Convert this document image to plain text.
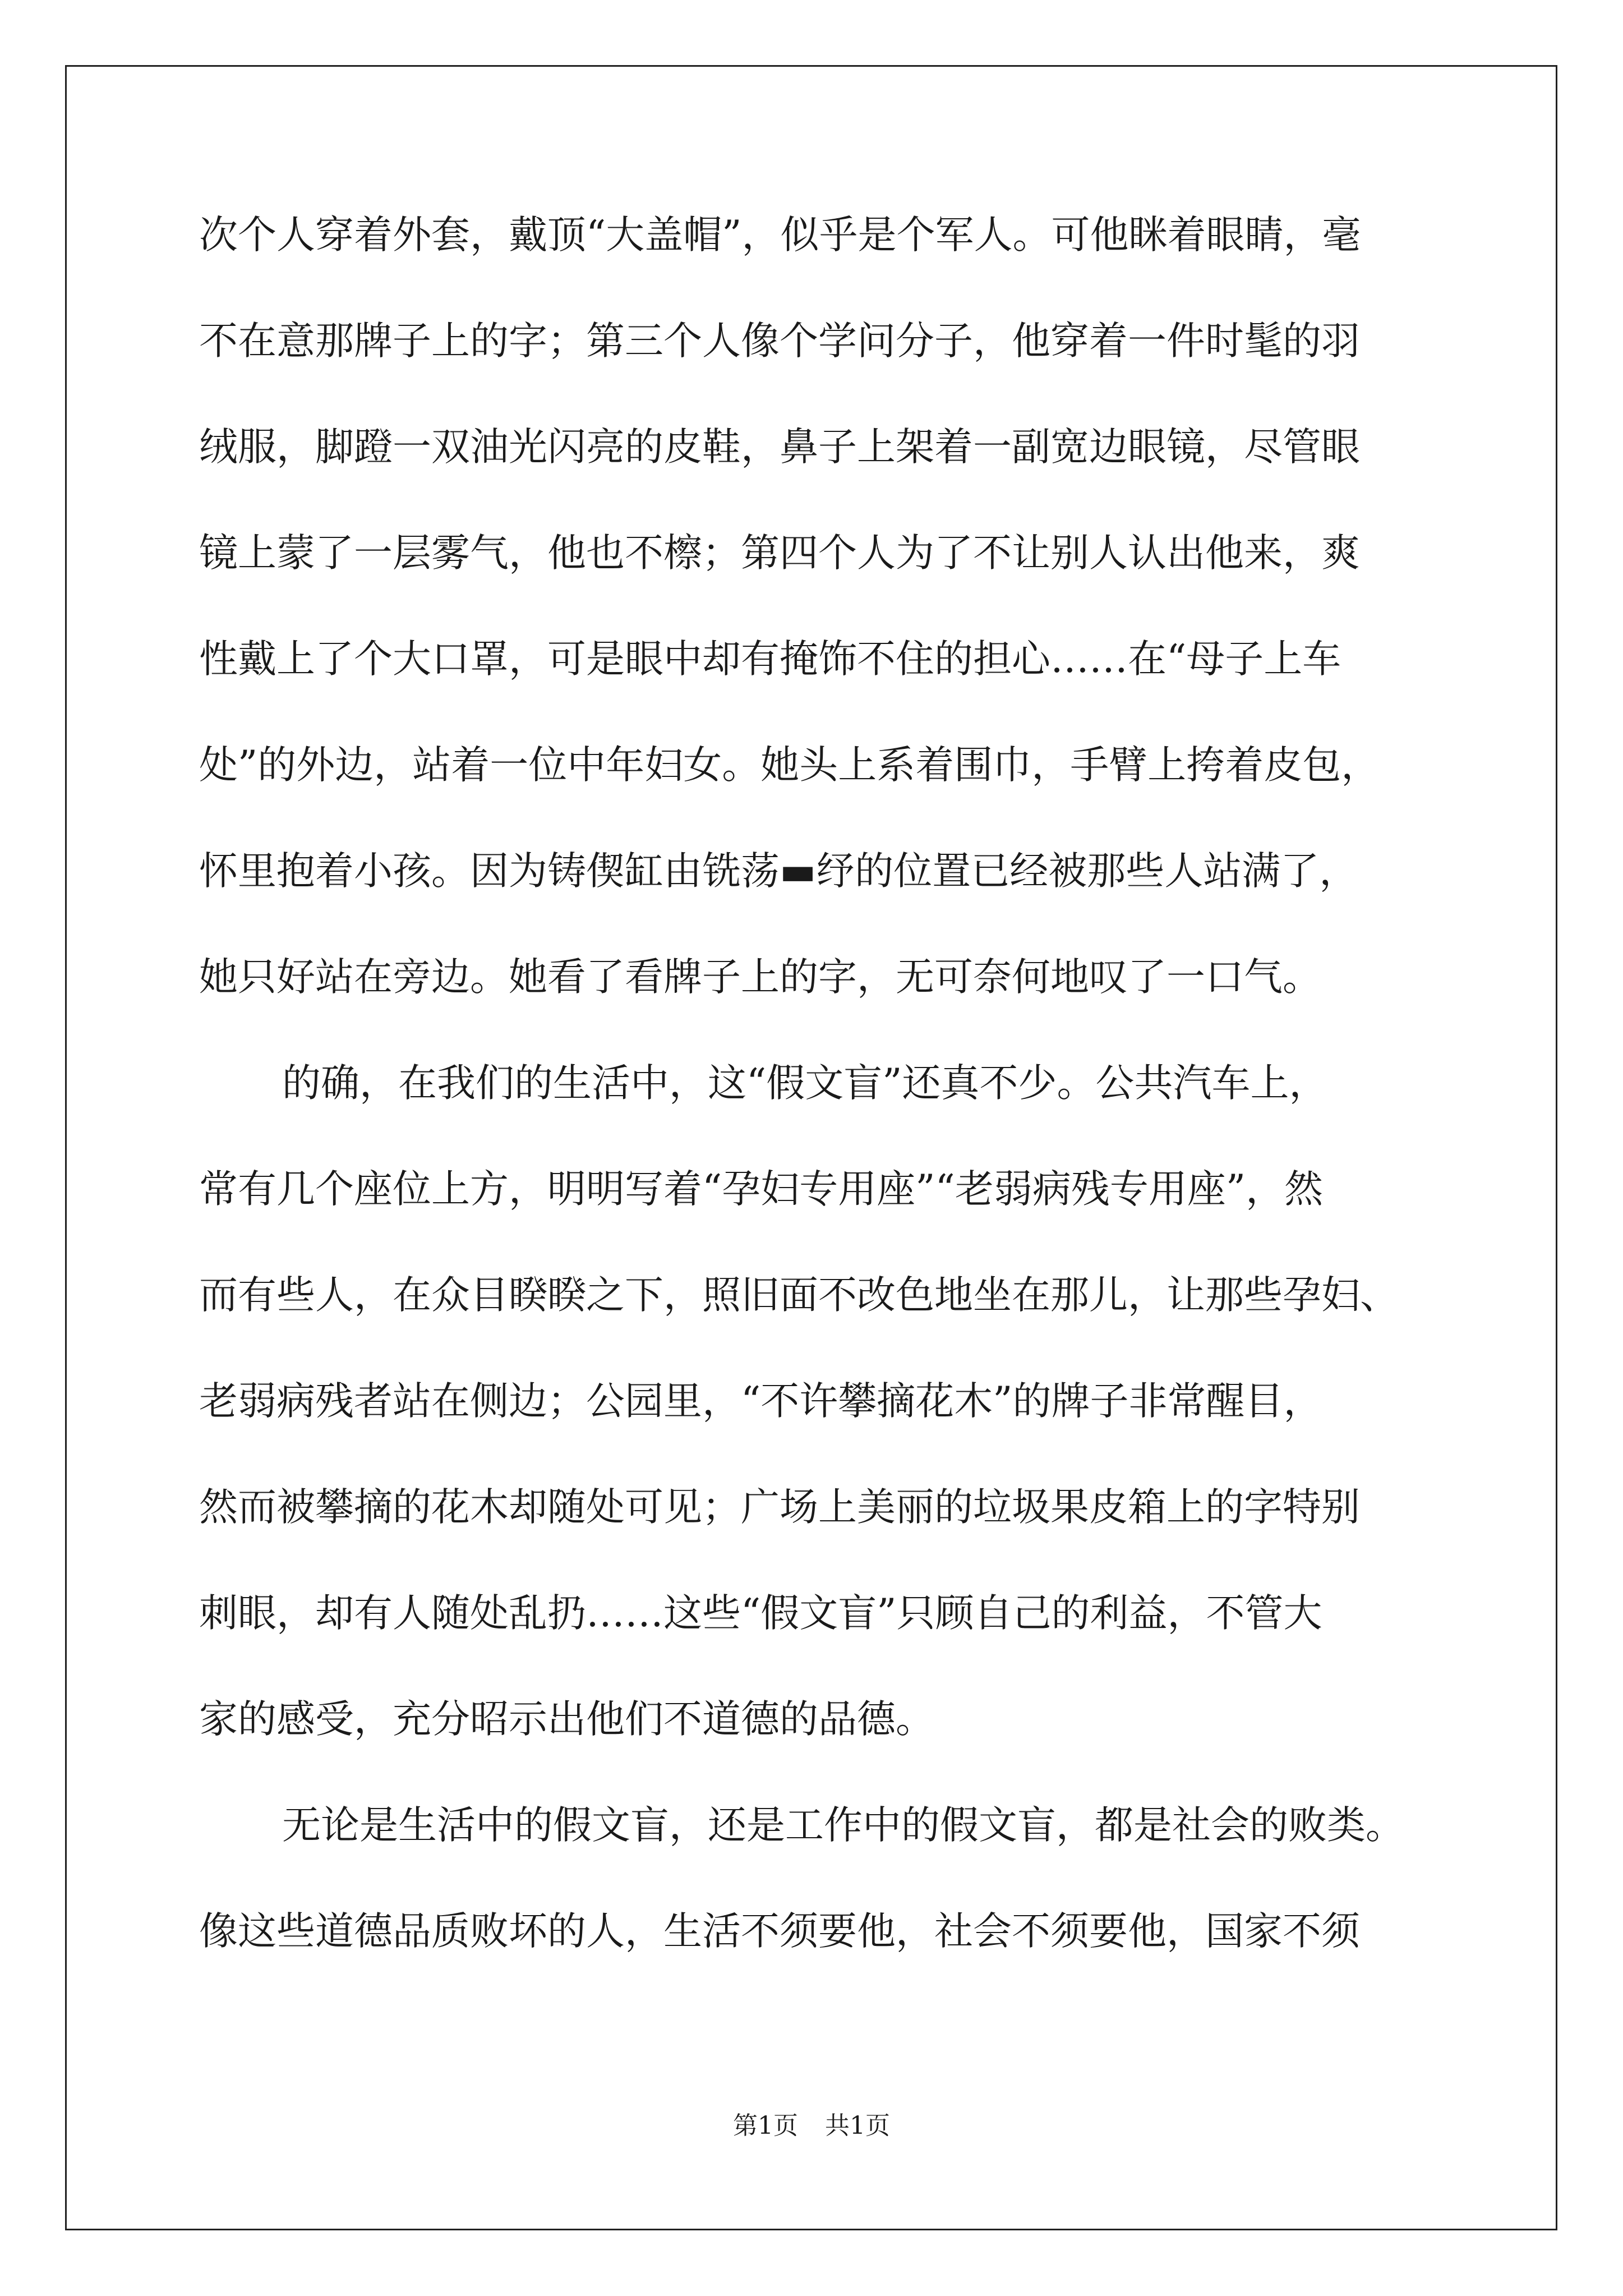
次个人穿着外套，戴顶“大盖帽”，似乎是个军人。可他眯着眼睛，毫
不在意那牌子上的字；第三个人像个学问分子，他穿着一件时髦的羽
绒服，脚蹬一双油光闪亮的皮鞋，鼻子上架着一副宽边眼镜，尽管眼
镜上蒙了一层雾气，他也不檫；第四个人为了不让别人认出他来，爽
性戴上了个大口罩，可是眼中却有掩饰不住的担心……在“母子上车
处”的外边，站着一位中年妇女。她头上系着围巾，手臂上挎着皮包，
怀里抱着小孩。因为铸偰缸由铣荡▬纾的位置已经被那些人站满了，
她只好站在旁边。她看了看牌子上的字，无可奈何地叹了一口气。
的确，在我们的生活中，这“假文盲”还真不少。公共汽车上，
常有几个座位上方，明明写着“孕妇专用座”“老弱病残专用座”，然
而有些人，在众目睽睽之下，照旧面不改色地坐在那儿，让那些孕妇、
老弱病残者站在侧边；公园里，“不许攀摘花木”的牌子非常醒目，
然而被攀摘的花木却随处可见；广场上美丽的垃圾果皮箱上的字特别
刺眼，却有人随处乱扔……这些“假文盲”只顾自己的利益，不管大
家的感受，充分昭示出他们不道德的品德。
无论是生活中的假文盲，还是工作中的假文盲，都是社会的败类。
像这些道德品质败坏的人，生活不须要他，社会不须要他，国家不须
第1页 共1页
